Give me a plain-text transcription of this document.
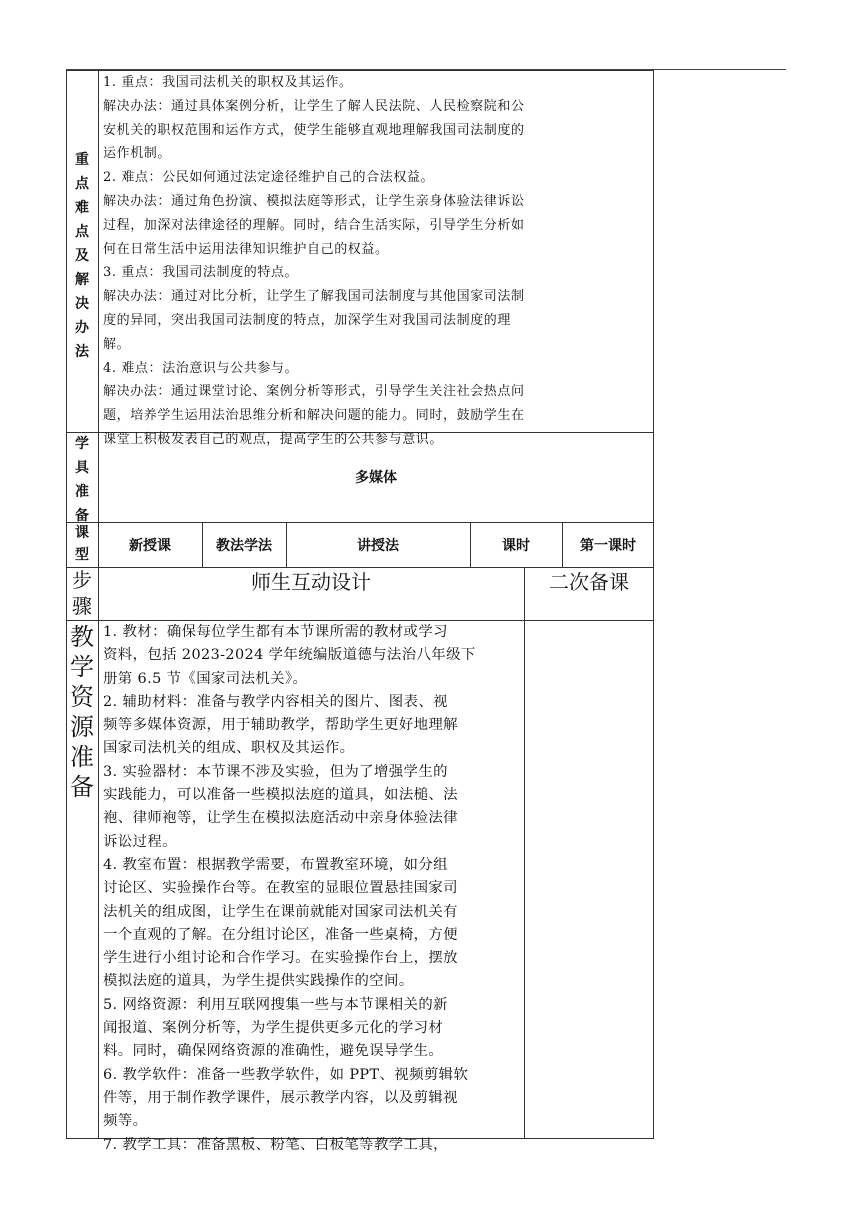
重点难点及解决办法

1. 重点：我国司法机关的职权及其运作。

解决办法：通过具体案例分析，让学生了解人民法院、人民检察院和公

安机关的职权范围和运作方式，使学生能够直观地理解我国司法制度的

运作机制。

2. 难点：公民如何通过法定途径维护自己的合法权益。

解决办法：通过角色扮演、模拟法庭等形式，让学生亲身体验法律诉讼

过程，加深对法律途径的理解。同时，结合生活实际，引导学生分析如

何在日常生活中运用法律知识维护自己的权益。

3. 重点：我国司法制度的特点。

解决办法：通过对比分析，让学生了解我国司法制度与其他国家司法制

度的异同，突出我国司法制度的特点，加深学生对我国司法制度的理

解。

4. 难点：法治意识与公共参与。

解决办法：通过课堂讨论、案例分析等形式，引导学生关注社会热点问

题，培养学生运用法治思维分析和解决问题的能力。同时，鼓励学生在

课堂上积极发表自己的观点，提高学生的公共参与意识。

学具准备
多媒体
课型
新授课	教法学法	讲授法	课时	第一课时
步骤
师生互动设计	二次备课
教学资源准备

1. 教材：确保每位学生都有本节课所需的教材或学习

资料，包括 2023-2024 学年统编版道德与法治八年级下

册第 6.5 节《国家司法机关》。

2. 辅助材料：准备与教学内容相关的图片、图表、视

频等多媒体资源，用于辅助教学，帮助学生更好地理解

国家司法机关的组成、职权及其运作。

3. 实验器材：本节课不涉及实验，但为了增强学生的

实践能力，可以准备一些模拟法庭的道具，如法槌、法

袍、律师袍等，让学生在模拟法庭活动中亲身体验法律

诉讼过程。

4. 教室布置：根据教学需要，布置教室环境，如分组

讨论区、实验操作台等。在教室的显眼位置悬挂国家司

法机关的组成图，让学生在课前就能对国家司法机关有

一个直观的了解。在分组讨论区，准备一些桌椅，方便

学生进行小组讨论和合作学习。在实验操作台上，摆放

模拟法庭的道具，为学生提供实践操作的空间。

5. 网络资源：利用互联网搜集一些与本节课相关的新

闻报道、案例分析等，为学生提供更多元化的学习材

料。同时，确保网络资源的准确性，避免误导学生。

6. 教学软件：准备一些教学软件，如 PPT、视频剪辑软

件等，用于制作教学课件，展示教学内容，以及剪辑视

频等。

7. 教学工具：准备黑板、粉笔、白板笔等教学工具，
